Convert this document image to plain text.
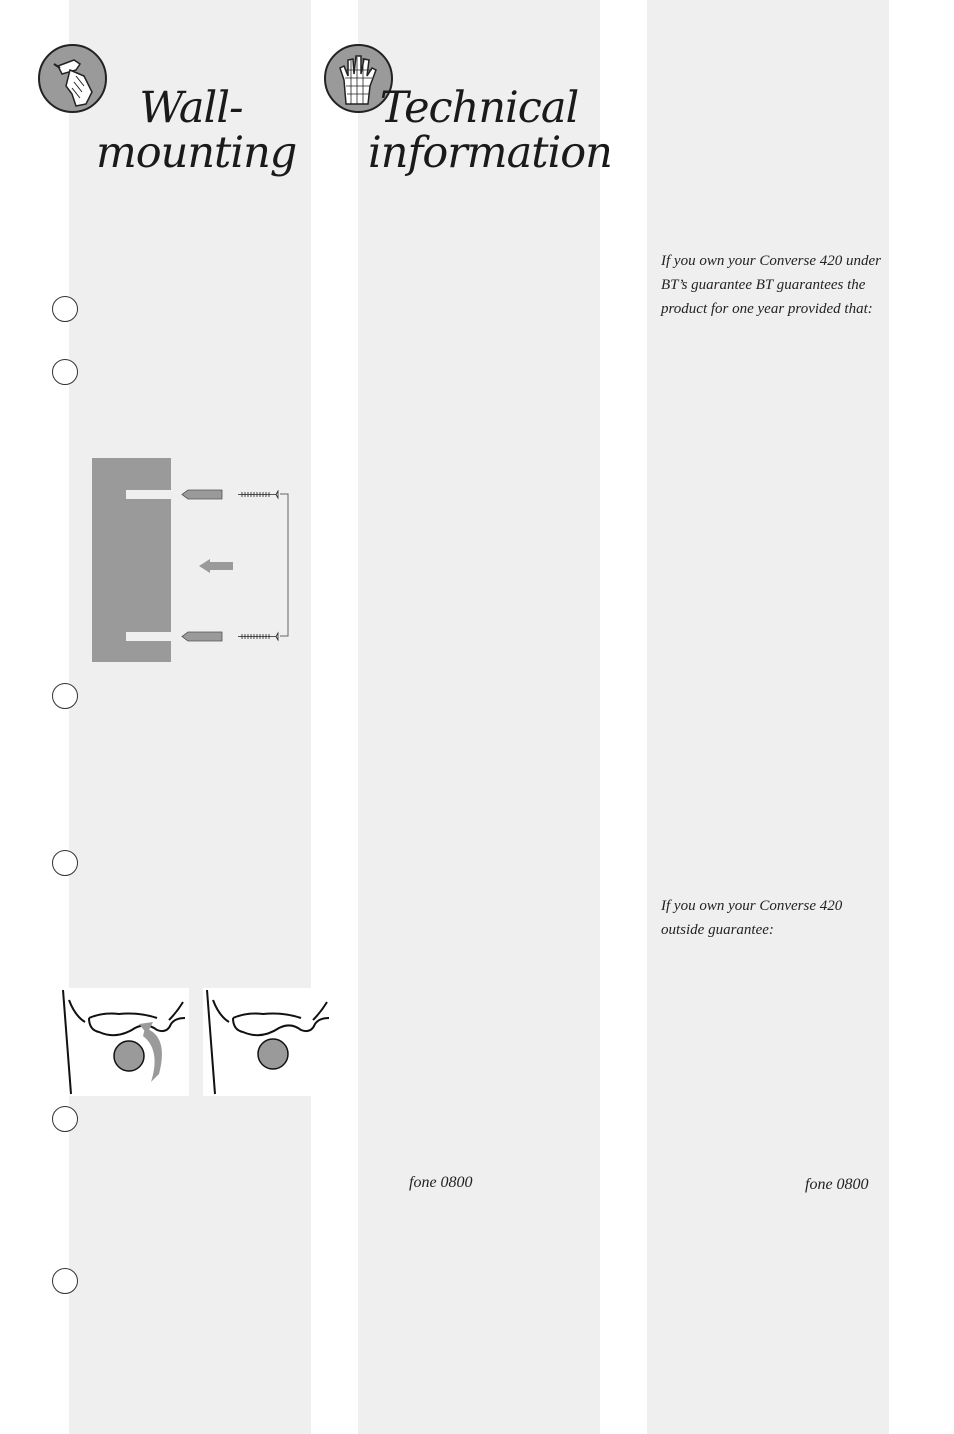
Wall-
mounting
Technical
information
fone 0800
If you own your Converse 420 under BT’s guarantee BT guarantees the product for one year provided that:
If you own your Converse 420 outside guarantee:
fone 0800
